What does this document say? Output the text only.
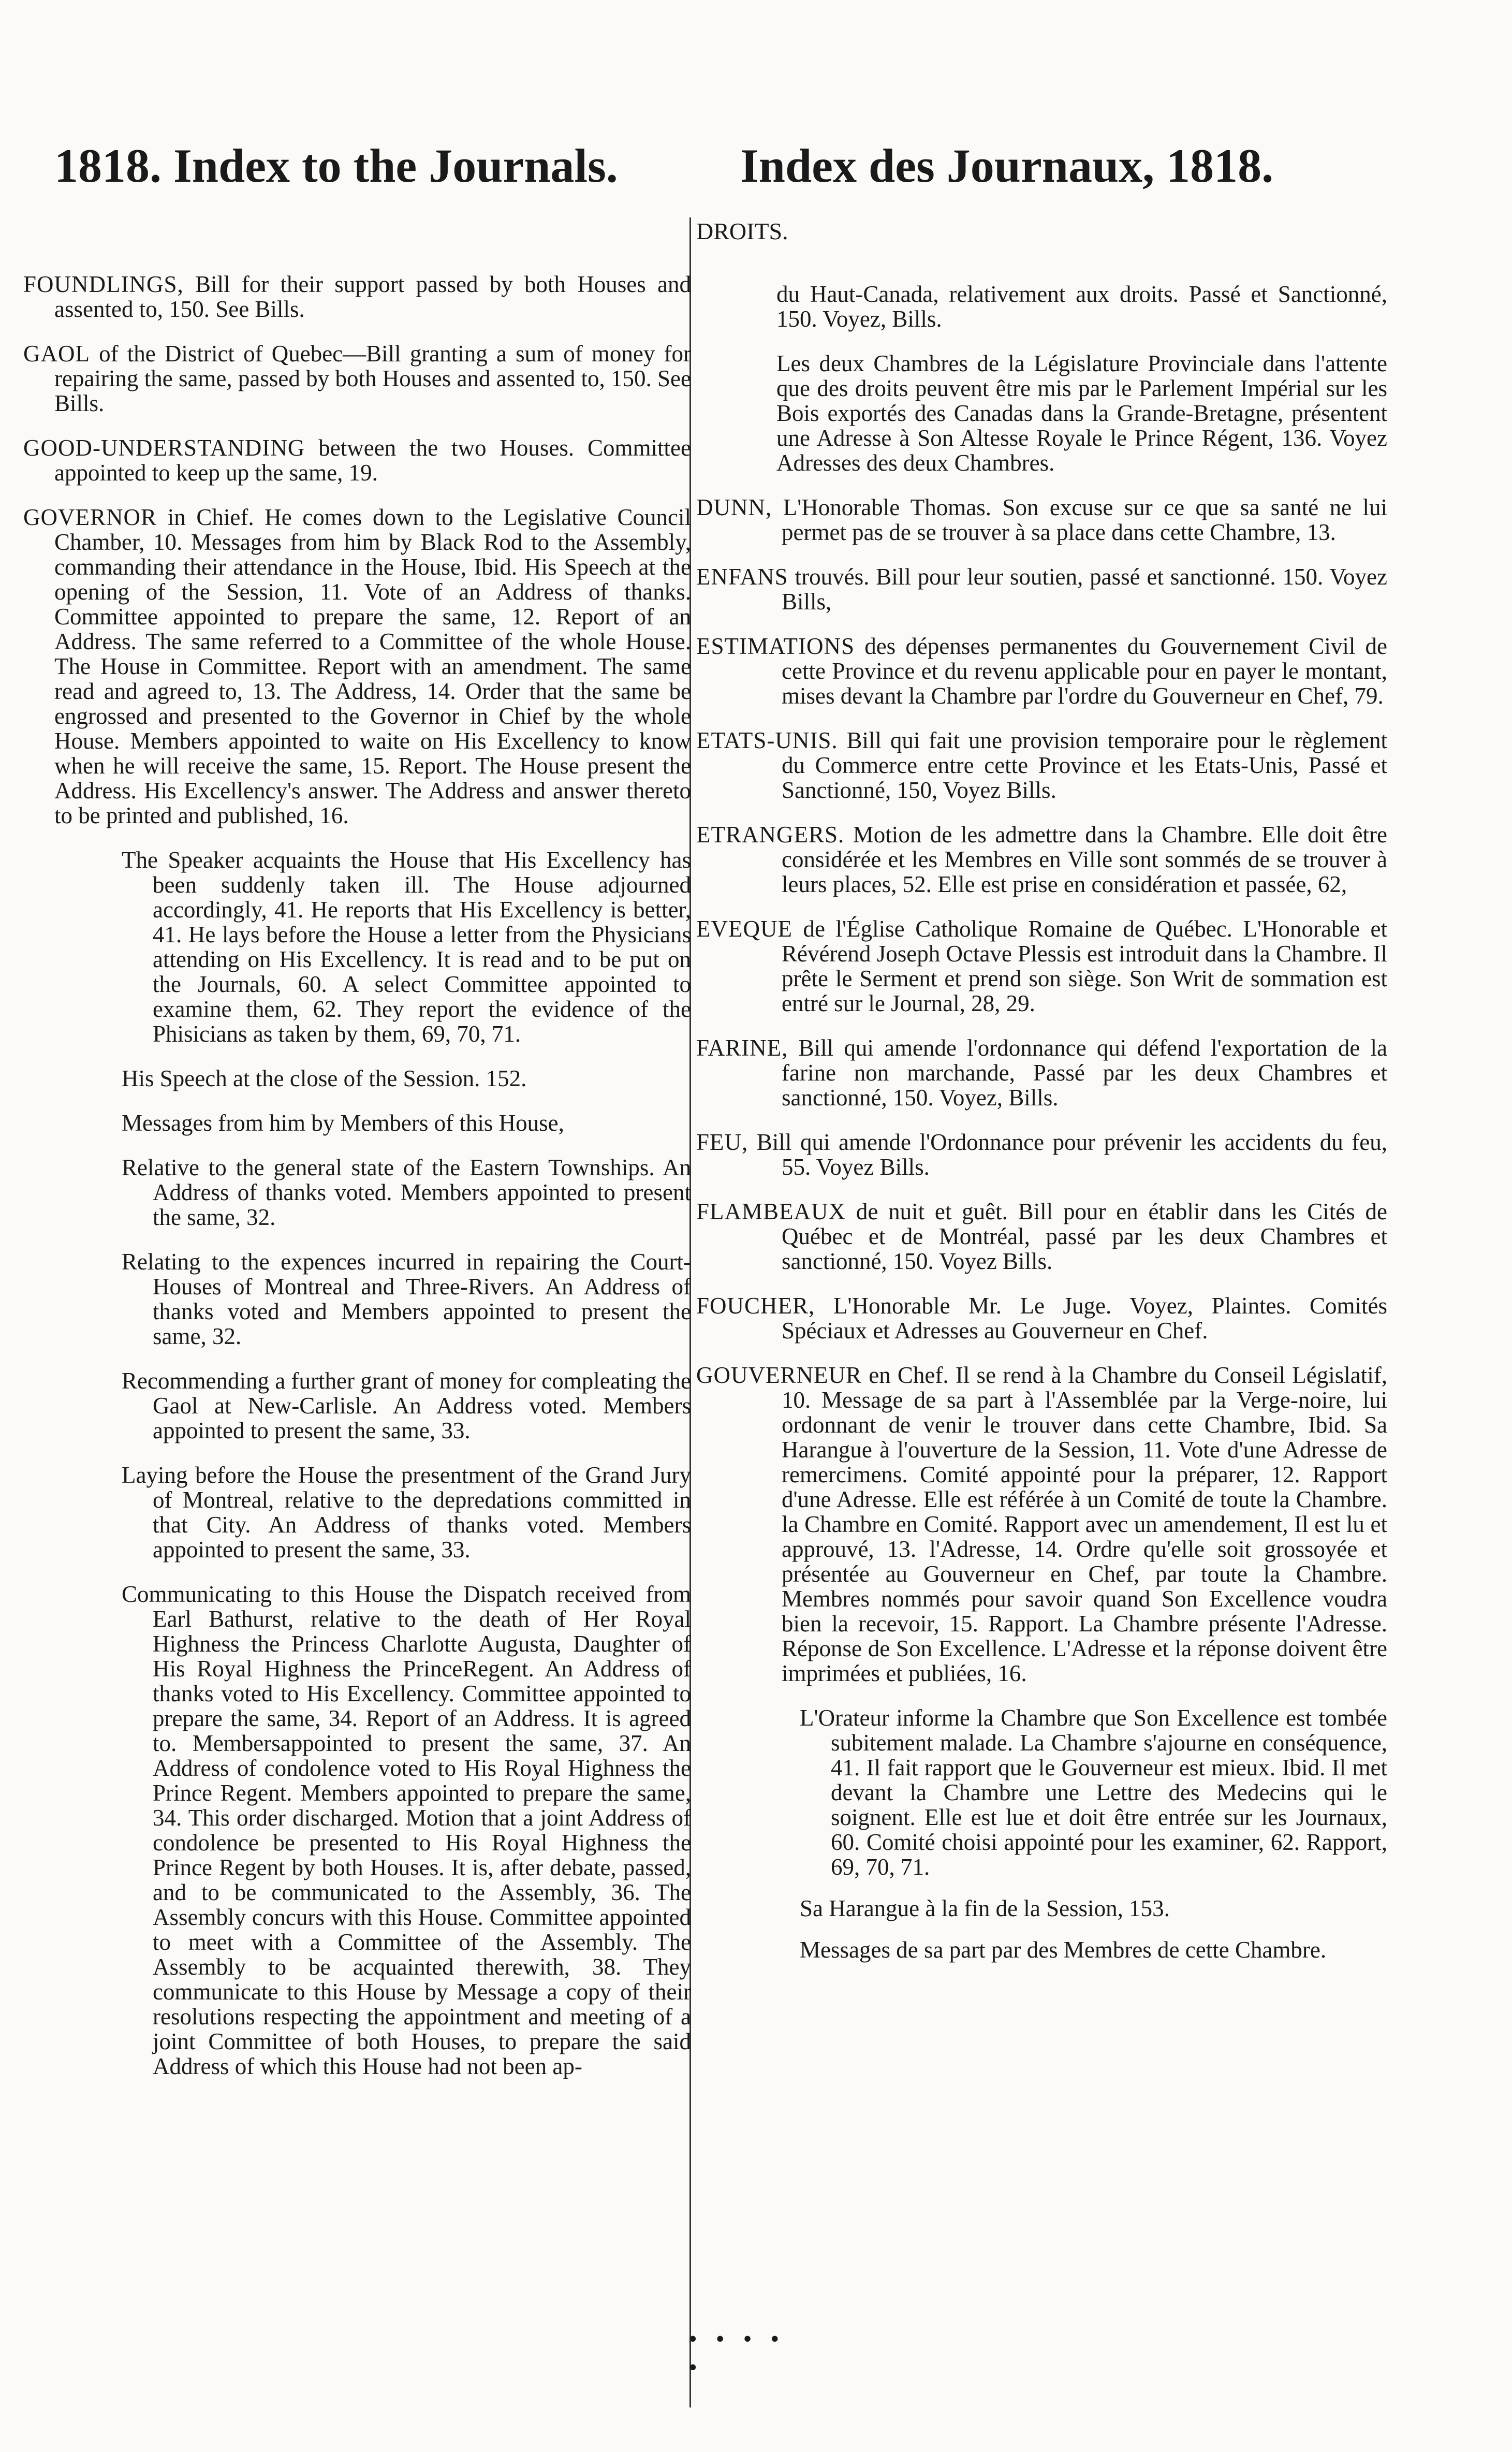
1818. Index to the Journals.	Index des Journaux, 1818.

FOUNDLINGS, Bill for their support passed by both Houses and assented to, 150. See Bills.

GAOL of the District of Quebec—Bill granting a sum of money for repairing the same, passed by both Houses and assented to, 150. See Bills.

GOOD-UNDERSTANDING between the two Houses. Committee appointed to keep up the same, 19.

GOVERNOR in Chief. He comes down to the Legislative Council Chamber, 10. Messages from him by Black Rod to the Assembly, commanding their attendance in the House, Ibid. His Speech at the opening of the Session, 11. Vote of an Address of thanks. Committee appointed to prepare the same, 12. Report of an Address. The same referred to a Committee of the whole House. The House in Committee. Report with an amendment. The same read and agreed to, 13. The Address, 14. Order that the same be engrossed and presented to the Governor in Chief by the whole House. Members appointed to waite on His Excellency to know when he will receive the same, 15. Report. The House present the Address. His Excellency's answer. The Address and answer thereto to be printed and published, 16.

The Speaker acquaints the House that His Excellency has been suddenly taken ill. The House adjourned accordingly, 41. He reports that His Excellency is better, 41. He lays before the House a letter from the Physicians attending on His Excellency. It is read and to be put on the Journals, 60. A select Committee appointed to examine them, 62. They report the evidence of the Phisicians as taken by them, 69, 70, 71.

His Speech at the close of the Session. 152.

Messages from him by Members of this House,

Relative to the general state of the Eastern Townships. An Address of thanks voted. Members appointed to present the same, 32.

Relating to the expences incurred in repairing the Court-Houses of Montreal and Three-Rivers. An Address of thanks voted and Members appointed to present the same, 32.

Recommending a further grant of money for compleating the Gaol at New-Carlisle. An Address voted. Members appointed to present the same, 33.

Laying before the House the presentment of the Grand Jury of Montreal, relative to the depredations committed in that City. An Address of thanks voted. Members appointed to present the same, 33.

Communicating to this House the Dispatch received from Earl Bathurst, relative to the death of Her Royal Highness the Princess Charlotte Augusta, Daughter of His Royal Highness the PrinceRegent. An Address of thanks voted to His Excellency. Committee appointed to prepare the same, 34. Report of an Address. It is agreed to. Membersappointed to present the same, 37. An Address of condolence voted to His Royal Highness the Prince Regent. Members appointed to prepare the same, 34. This order discharged. Motion that a joint Address of condolence be presented to His Royal Highness the Prince Regent by both Houses. It is, after debate, passed, and to be communicated to the Assembly, 36. The Assembly concurs with this House. Committee appointed to meet with a Committee of the Assembly. The Assembly to be acquainted therewith, 38. They communicate to this House by Message a copy of their resolutions respecting the appointment and meeting of a joint Committee of both Houses, to prepare the said Address of which this House had not been ap-

DROITS.

du Haut-Canada, relativement aux droits. Passé et Sanctionné, 150. Voyez, Bills.

Les deux Chambres de la Législature Provinciale dans l'attente que des droits peuvent être mis par le Parlement Impérial sur les Bois exportés des Canadas dans la Grande-Bretagne, présentent une Adresse à Son Altesse Royale le Prince Régent, 136. Voyez Adresses des deux Chambres.

DUNN, L'Honorable Thomas. Son excuse sur ce que sa santé ne lui permet pas de se trouver à sa place dans cette Chambre, 13.

ENFANS trouvés. Bill pour leur soutien, passé et sanctionné. 150. Voyez Bills,

ESTIMATIONS des dépenses permanentes du Gouvernement Civil de cette Province et du revenu applicable pour en payer le montant, mises devant la Chambre par l'ordre du Gouverneur en Chef, 79.

ETATS-UNIS. Bill qui fait une provision temporaire pour le règlement du Commerce entre cette Province et les Etats-Unis, Passé et Sanctionné, 150, Voyez Bills.

ETRANGERS. Motion de les admettre dans la Chambre. Elle doit être considérée et les Membres en Ville sont sommés de se trouver à leurs places, 52. Elle est prise en considération et passée, 62,

EVEQUE de l'Église Catholique Romaine de Québec. L'Honorable et Révérend Joseph Octave Plessis est introduit dans la Chambre. Il prête le Serment et prend son siège. Son Writ de sommation est entré sur le Journal, 28, 29.

FARINE, Bill qui amende l'ordonnance qui défend l'exportation de la farine non marchande, Passé par les deux Chambres et sanctionné, 150. Voyez, Bills.

FEU, Bill qui amende l'Ordonnance pour prévenir les accidents du feu, 55. Voyez Bills.

FLAMBEAUX de nuit et guêt. Bill pour en établir dans les Cités de Québec et de Montréal, passé par les deux Chambres et sanctionné, 150. Voyez Bills.

FOUCHER, L'Honorable Mr. Le Juge. Voyez, Plaintes. Comités Spéciaux et Adresses au Gouverneur en Chef.

GOUVERNEUR en Chef. Il se rend à la Chambre du Conseil Législatif, 10. Message de sa part à l'Assemblée par la Verge-noire, lui ordonnant de venir le trouver dans cette Chambre, Ibid. Sa Harangue à l'ouverture de la Session, 11. Vote d'une Adresse de remercimens. Comité appointé pour la préparer, 12. Rapport d'une Adresse. Elle est référée à un Comité de toute la Chambre. la Chambre en Comité. Rapport avec un amendement, Il est lu et approuvé, 13. l'Adresse, 14. Ordre qu'elle soit grossoyée et présentée au Gouverneur en Chef, par toute la Chambre. Membres nommés pour savoir quand Son Excellence voudra bien la recevoir, 15. Rapport. La Chambre présente l'Adresse. Réponse de Son Excellence. L'Adresse et la réponse doivent être imprimées et publiées, 16.

L'Orateur informe la Chambre que Son Excellence est tombée subitement malade. La Chambre s'ajourne en conséquence, 41. Il fait rapport que le Gouverneur est mieux. Ibid. Il met devant la Chambre une Lettre des Medecins qui le soignent. Elle est lue et doit être entrée sur les Journaux, 60. Comité choisi appointé pour les examiner, 62. Rapport, 69, 70, 71.

Sa Harangue à la fin de la Session, 153.

Messages de sa part par des Membres de cette Chambre.

• • • • •
